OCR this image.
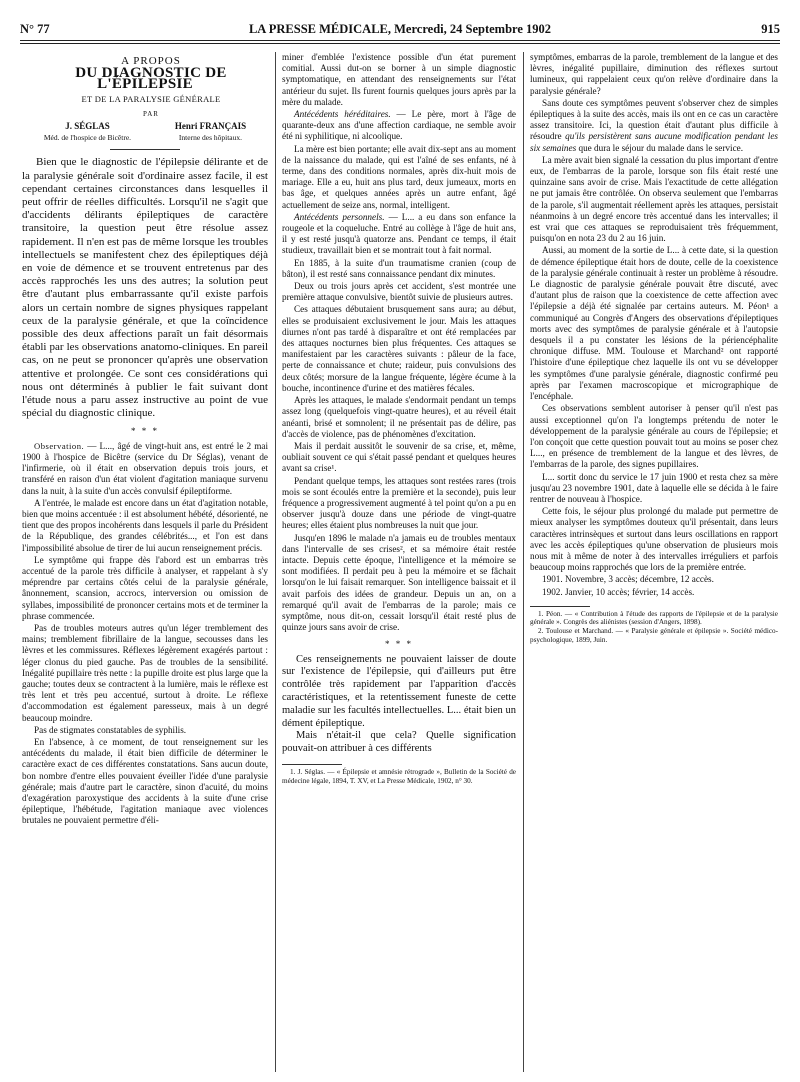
N° 77	LA PRESSE MÉDICALE, Mercredi, 24 Septembre 1902	915

A PROPOS

DU DIAGNOSTIC DE L'ÉPILEPSIE

ET DE LA PARALYSIE GÉNÉRALE

PAR

J. SÉGLAS
Méd. de l'hospice de Bicêtre.
Henri FRANÇAIS
Interne des hôpitaux.

Bien que le diagnostic de l'épilepsie délirante et de la paralysie générale soit d'ordinaire assez facile, il est cependant certaines circonstances dans lesquelles il peut offrir de réelles difficultés. Lorsqu'il ne s'agit que d'accidents délirants épileptiques de caractère transitoire, la question peut être résolue assez rapidement. Il n'en est pas de même lorsque les troubles intellectuels se manifestent chez des épileptiques déjà en voie de démence et se trouvent entretenus par des accès rapprochés les uns des autres; la solution peut être d'autant plus embarrassante qu'il existe parfois alors un certain nombre de signes physiques rappelant ceux de la paralysie générale, et que la coïncidence possible des deux affections paraît un fait désormais établi par les observations anatomo-cliniques. En pareil cas, on ne peut se prononcer qu'après une observation attentive et prolongée. Ce sont ces considérations qui nous ont déterminés à publier le fait suivant dont l'étude nous a paru assez instructive au point de vue spécial du diagnostic clinique.

* * *

Observation. — L..., âgé de vingt-huit ans, est entré le 2 mai 1900 à l'hospice de Bicêtre (service du Dr Séglas), venant de l'infirmerie, où il était en observation depuis trois jours, et transféré en raison d'un état violent d'agitation maniaque survenu dans la nuit, à la suite d'un accès convulsif épileptiforme.

A l'entrée, le malade est encore dans un état d'agitation notable, bien que moins accentuée : il est absolument hébété, désorienté, ne tient que des propos incohérents dans lesquels il parle du Président de la République, des grandes célébrités..., et l'on est dans l'impossibilité absolue de tirer de lui aucun renseignement précis.

Le symptôme qui frappe dès l'abord est un embarras très accentué de la parole très difficile à analyser, et rappelant à s'y méprendre par certains côtés celui de la paralysie générale, ânonnement, scansion, accrocs, interversion ou omission de syllabes, impossibilité de prononcer certains mots et de terminer la phrase commencée.

Pas de troubles moteurs autres qu'un léger tremblement des mains; tremblement fibrillaire de la langue, secousses dans les lèvres et les commissures. Réflexes légèrement exagérés partout : léger clonus du pied gauche. Pas de troubles de la sensibilité. Inégalité pupillaire très nette : la pupille droite est plus large que la gauche; toutes deux se contractent à la lumière, mais le réflexe est très lent et très peu accentué, surtout à droite. Le réflexe d'accommodation est également paresseux, mais à un degré beaucoup moindre.

Pas de stigmates constatables de syphilis.

En l'absence, à ce moment, de tout renseignement sur les antécédents du malade, il était bien difficile de déterminer le caractère exact de ces différentes constatations. Sans aucun doute, bon nombre d'entre elles pouvaient éveiller l'idée d'une paralysie générale; mais d'autre part le caractère, sinon d'acuité, du moins d'exagération paroxystique des accidents à la suite d'une crise épileptique, l'hébétude, l'agitation maniaque avec violences brutales ne pouvaient permettre d'éli-

miner d'emblée l'existence possible d'un état purement comitial. Aussi dut-on se borner à un simple diagnostic symptomatique, en attendant des renseignements sur l'état antérieur du sujet. Ils furent fournis quelques jours après par la mère du malade.

Antécédents héréditaires. — Le père, mort à l'âge de quarante-deux ans d'une affection cardiaque, ne semble avoir été ni syphilitique, ni alcoolique.

La mère est bien portante; elle avait dix-sept ans au moment de la naissance du malade, qui est l'aîné de ses enfants, né à terme, dans des conditions normales, après dix-huit mois de mariage. Elle a eu, huit ans plus tard, deux jumeaux, morts en bas âge, et quelques années après un autre enfant, âgé actuellement de seize ans, normal, intelligent.

Antécédents personnels. — L... a eu dans son enfance la rougeole et la coqueluche. Entré au collège à l'âge de huit ans, il y est resté jusqu'à quatorze ans. Pendant ce temps, il était studieux, travaillait bien et se montrait tout à fait normal.

En 1885, à la suite d'un traumatisme cranien (coup de bâton), il est resté sans connaissance pendant dix minutes.

Deux ou trois jours après cet accident, s'est montrée une première attaque convulsive, bientôt suivie de plusieurs autres.

Ces attaques débutaient brusquement sans aura; au début, elles se produisaient exclusivement le jour. Mais les attaques diurnes n'ont pas tardé à disparaître et ont été remplacées par des attaques nocturnes bien plus fréquentes. Ces attaques se manifestaient par les caractères suivants : pâleur de la face, perte de connaissance et chute; raideur, puis convulsions des deux côtés; morsure de la langue fréquente, légère écume à la bouche, incontinence d'urine et des matières fécales.

Après les attaques, le malade s'endormait pendant un temps assez long (quelquefois vingt-quatre heures), et au réveil était anéanti, brisé et somnolent; il ne présentait pas de délire, pas d'accès de violence, pas de phénomènes d'excitation.

Mais il perdait aussitôt le souvenir de sa crise, et, même, oubliait souvent ce qui s'était passé pendant et quelques heures avant sa crise¹.

Pendant quelque temps, les attaques sont restées rares (trois mois se sont écoulés entre la première et la seconde), puis leur fréquence a progressivement augmenté à tel point qu'on a pu en observer jusqu'à douze dans une période de vingt-quatre heures; elles étaient plus nombreuses la nuit que jour.

Jusqu'en 1896 le malade n'a jamais eu de troubles mentaux dans l'intervalle de ses crises², et sa mémoire était restée intacte. Depuis cette époque, l'intelligence et la mémoire se sont modifiées. Il perdait peu à peu la mémoire et se fâchait lorsqu'on le lui faisait remarquer. Son intelligence baissait et il avait parfois des idées de grandeur. Depuis un an, on a remarqué qu'il avait de l'embarras de la parole; mais ce symptôme, nous dit-on, cessait lorsqu'il était resté plus de quinze jours sans avoir de crise.

* * *

Ces renseignements ne pouvaient laisser de doute sur l'existence de l'épilepsie, qui d'ailleurs put être contrôlée très rapidement par l'apparition d'accès caractéristiques, et la retentissement funeste de cette maladie sur les facultés intellectuelles. L... était bien un dément épileptique.

Mais n'était-il que cela? Quelle signification pouvait-on attribuer à ces différents

1. J. Séglas. — « Épilepsie et amnésie rétrograde », Bulletin de la Société de médecine légale, 1894, T. XV, et La Presse Médicale, 1902, n° 30.

symptômes, embarras de la parole, tremblement de la langue et des lèvres, inégalité pupillaire, diminution des réflexes surtout lumineux, qui rappelaient ceux qu'on relève d'ordinaire dans la paralysie générale?

Sans doute ces symptômes peuvent s'observer chez de simples épileptiques à la suite des accès, mais ils ont en ce cas un caractère assez transitoire. Ici, la question était d'autant plus difficile à résoudre qu'ils persistèrent sans aucune modification pendant les six semaines que dura le séjour du malade dans le service.

La mère avait bien signalé la cessation du plus important d'entre eux, de l'embarras de la parole, lorsque son fils était resté une quinzaine sans avoir de crise. Mais l'exactitude de cette allégation ne put jamais être contrôlée. On observa seulement que l'embarras de la parole, s'il augmentait réellement après les attaques, persistait néanmoins à un degré encore très accentué dans les intervalles; il est vrai que ces attaques se reproduisaient très fréquemment, puisqu'on en nota 23 du 2 au 16 juin.

Aussi, au moment de la sortie de L... à cette date, si la question de démence épileptique était hors de doute, celle de la coexistence de la paralysie générale continuait à rester un problème à résoudre. Le diagnostic de paralysie générale pouvait être discuté, avec d'autant plus de raison que la coexistence de cette affection avec l'épilepsie a déjà été signalée par certains auteurs. M. Péon¹ a communiqué au Congrès d'Angers des observations d'épileptiques morts avec des symptômes de paralysie générale et à l'autopsie desquels il a pu constater les lésions de la périencéphalite chronique diffuse. MM. Toulouse et Marchand² ont rapporté l'histoire d'une épileptique chez laquelle ils ont vu se développer les symptômes d'une paralysie générale, diagnostic confirmé peu après par l'examen macroscopique et micrographique de l'encéphale.

Ces observations semblent autoriser à penser qu'il n'est pas aussi exceptionnel qu'on l'a longtemps prétendu de noter le développement de la paralysie générale au cours de l'épilepsie; et l'on conçoit que cette question pouvait tout au moins se poser chez L..., en présence de tremblement de la langue et des lèvres, de l'embarras de la parole, des signes pupillaires.

L... sortit donc du service le 17 juin 1900 et resta chez sa mère jusqu'au 23 novembre 1901, date à laquelle elle se décida à le faire rentrer de nouveau à l'hospice.

Cette fois, le séjour plus prolongé du malade put permettre de mieux analyser les symptômes douteux qu'il présentait, dans leurs caractères intrinsèques et surtout dans leurs oscillations en rapport avec les accès épileptiques qu'une observation de plusieurs mois nous mit à même de noter à des intervalles irréguliers et parfois beaucoup moins rapprochés que lors de la première entrée.

1901. Novembre, 3 accès; décembre, 12 accès.

1902. Janvier, 10 accès; février, 14 accès.

1. Péon. — « Contribution à l'étude des rapports de l'épilepsie et de la paralysie générale ». Congrès des aliénistes (session d'Angers, 1898).

2. Toulouse et Marchand. — « Paralysie générale et épilepsie ». Société médico-psychologique, 1899, Juin.
